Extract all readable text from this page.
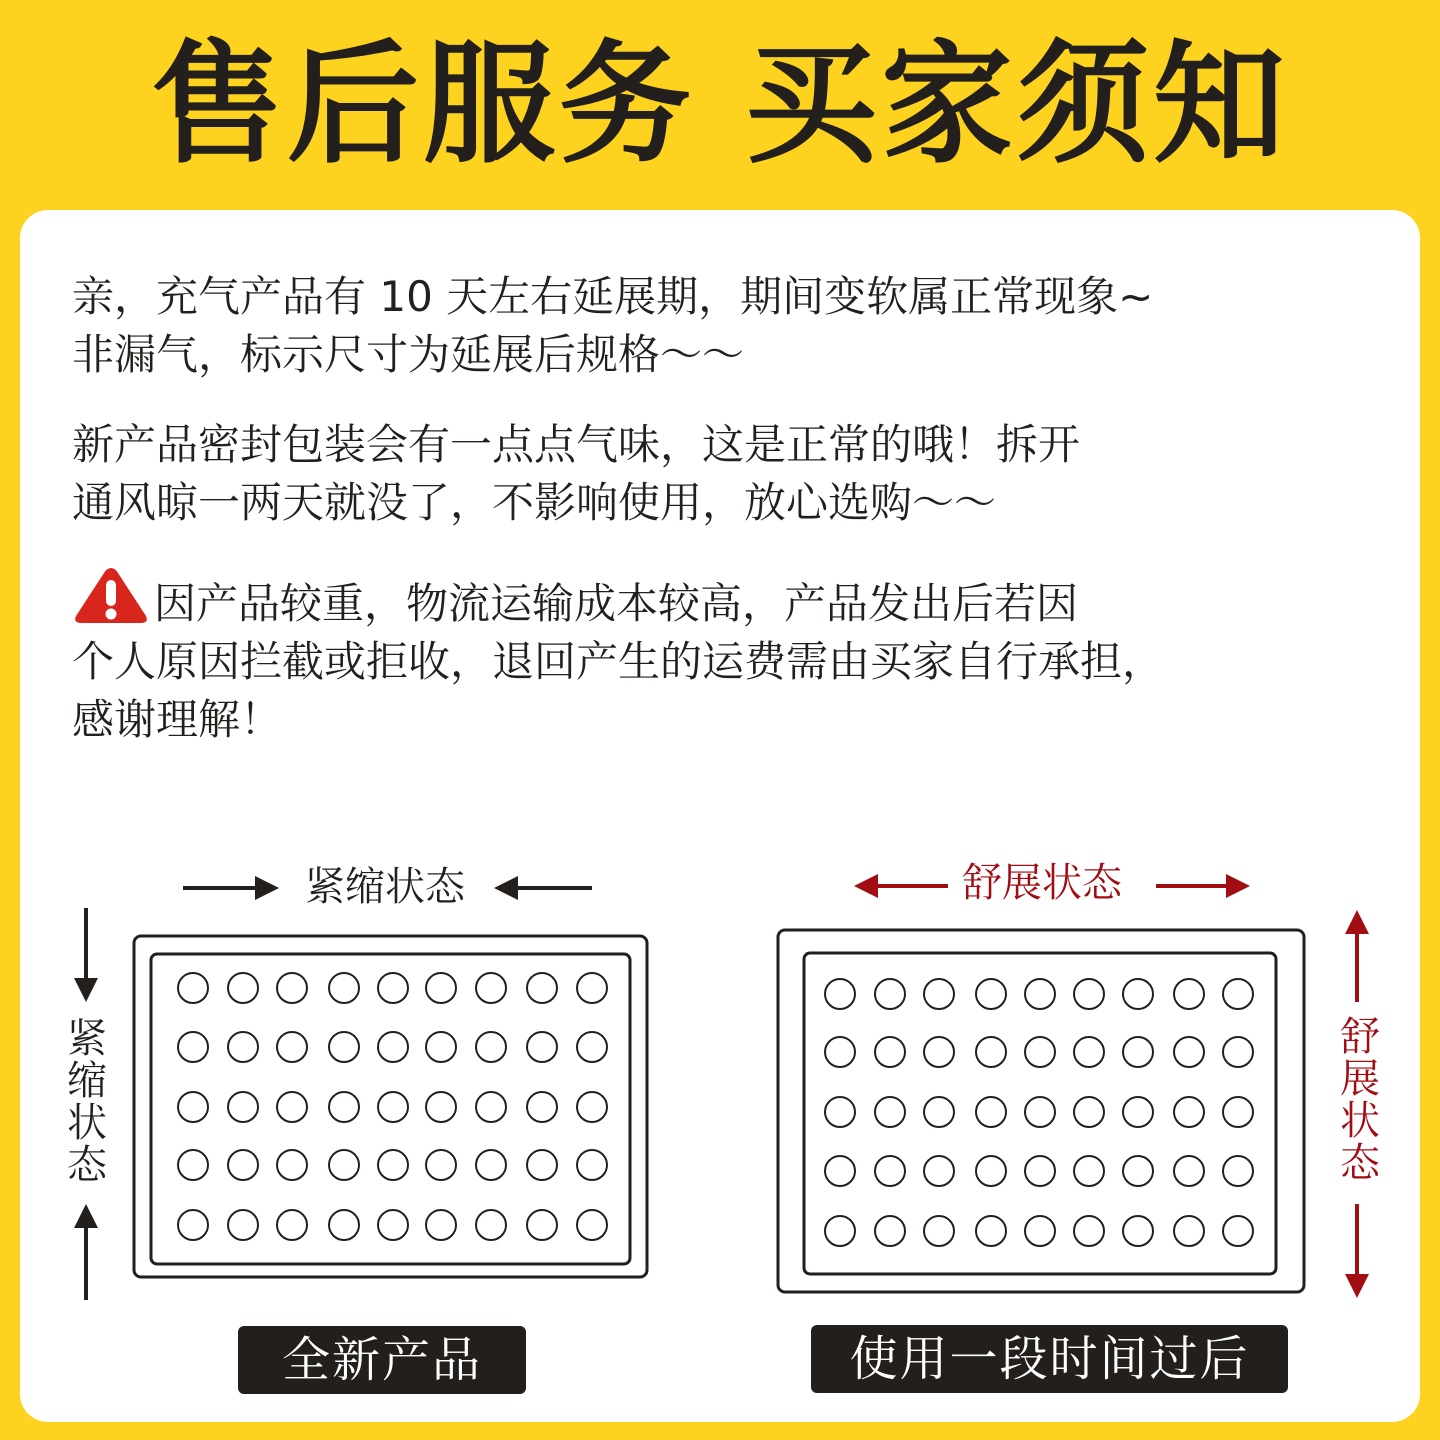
售后服务 买家须知
亲，充气产品有 10 天左右延展期，期间变软属正常现象~
非漏气，标示尺寸为延展后规格～～
新产品密封包装会有一点点气味，这是正常的哦！拆开
通风晾一两天就没了，不影响使用，放心选购～～
因产品较重，物流运输成本较高，产品发出后若因
个人原因拦截或拒收，退回产生的运费需由买家自行承担，
感谢理解！
紧缩状态
紧缩状态
舒展状态
舒展状态
全新产品	使用一段时间过后
